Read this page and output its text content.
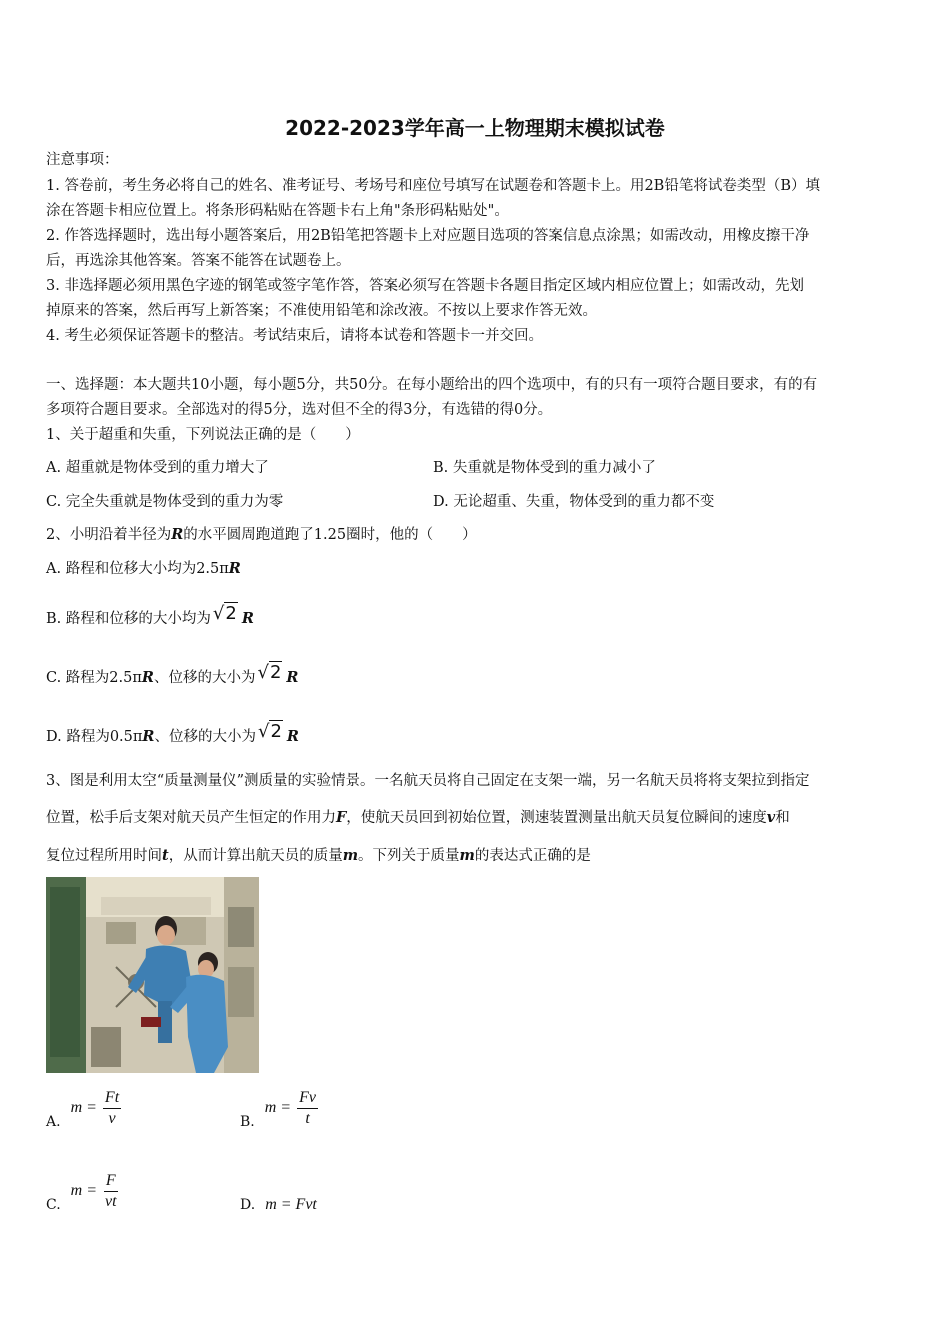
2022-2023学年高一上物理期末模拟试卷
注意事项：
1. 答卷前，考生务必将自己的姓名、准考证号、考场号和座位号填写在试题卷和答题卡上。用2B铅笔将试卷类型（B）填
涂在答题卡相应位置上。将条形码粘贴在答题卡右上角"条形码粘贴处"。
2. 作答选择题时，选出每小题答案后，用2B铅笔把答题卡上对应题目选项的答案信息点涂黑；如需改动，用橡皮擦干净
后，再选涂其他答案。答案不能答在试题卷上。
3. 非选择题必须用黑色字迹的钢笔或签字笔作答，答案必须写在答题卡各题目指定区域内相应位置上；如需改动，先划
掉原来的答案，然后再写上新答案；不准使用铅笔和涂改液。不按以上要求作答无效。
4. 考生必须保证答题卡的整洁。考试结束后，请将本试卷和答题卡一并交回。
一、选择题：本大题共10小题，每小题5分，共50分。在每小题给出的四个选项中，有的只有一项符合题目要求，有的有
多项符合题目要求。全部选对的得5分，选对但不全的得3分，有选错的得0分。
1、关于超重和失重，下列说法正确的是（　　）
A. 超重就是物体受到的重力增大了	B. 失重就是物体受到的重力减小了
C. 完全失重就是物体受到的重力为零	D. 无论超重、失重，物体受到的重力都不变
2、小明沿着半径为R的水平圆周跑道跑了1.25圈时，他的（　　）
A. 路程和位移大小均为2.5πR
B. 路程和位移的大小均为 √2 R
C. 路程为2.5πR、位移的大小为 √2 R
D. 路程为0.5πR、位移的大小为 √2 R
3、图是利用太空“质量测量仪”测质量的实验情景。一名航天员将自己固定在支架一端，另一名航天员将将支架拉到指定
位置，松手后支架对航天员产生恒定的作用力F，使航天员回到初始位置，测速装置测量出航天员复位瞬间的速度v和
复位过程所用时间t，从而计算出航天员的质量m。下列关于质量m的表达式正确的是
A. $m = \frac{Ft}{v}$	B. $m = \frac{Fv}{t}$
C. $m = \frac{F}{vt}$	D. m = Fvt
